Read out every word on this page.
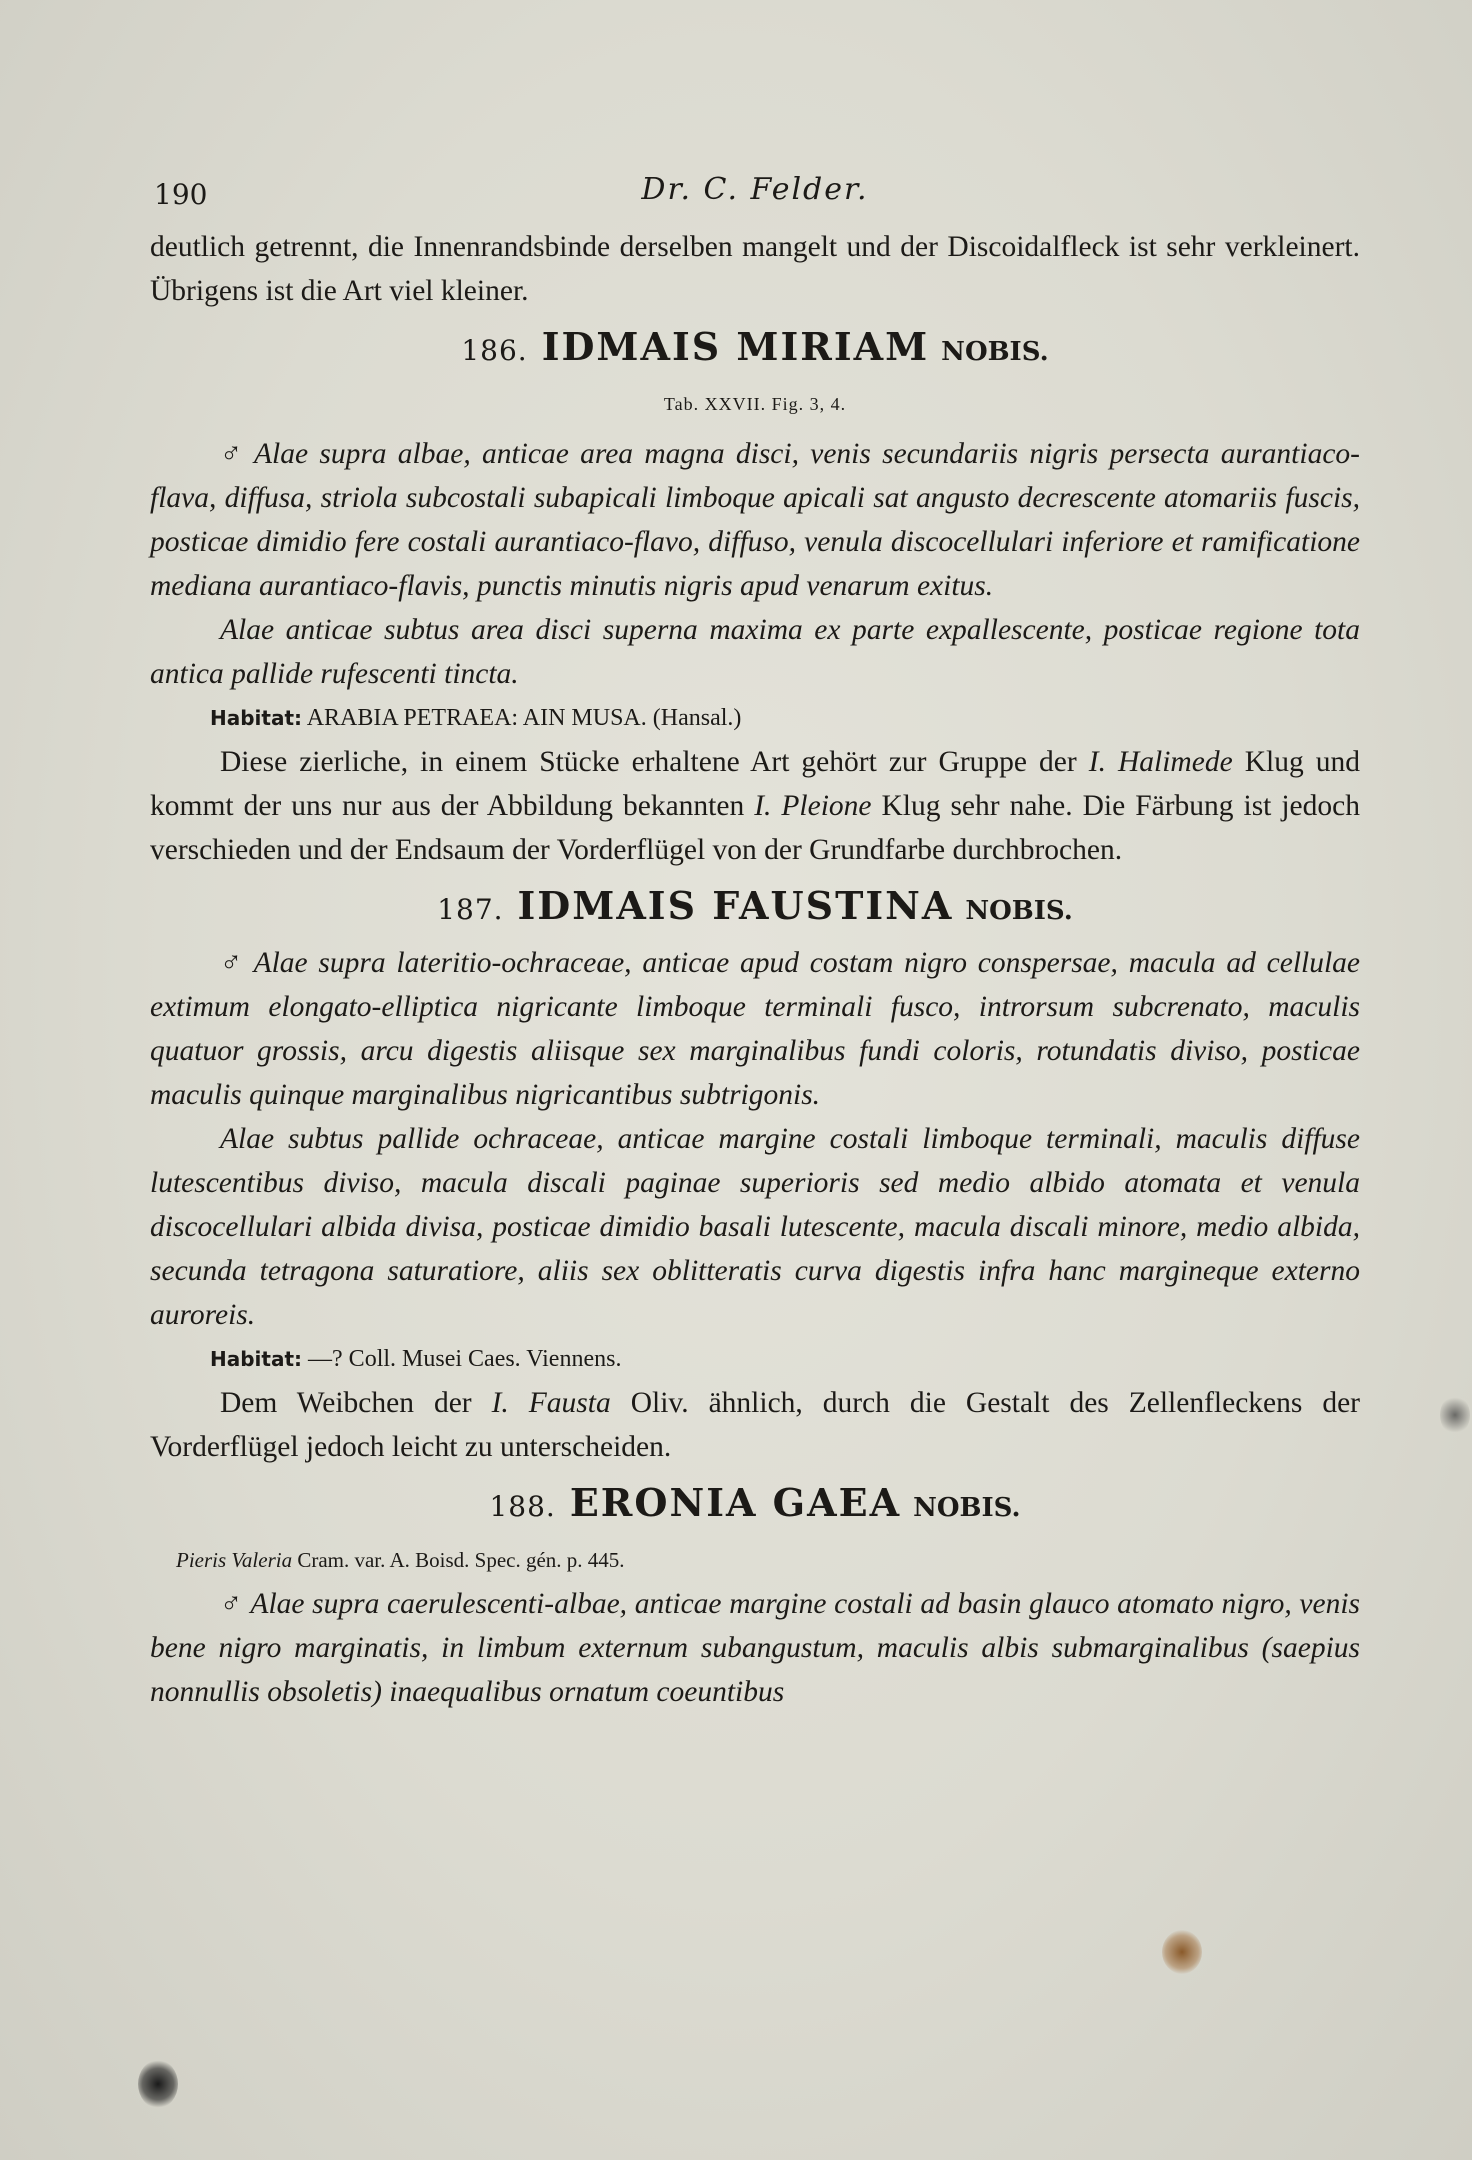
190	Dr. C. Felder.

deutlich getrennt, die Innenrandsbinde derselben mangelt und der Discoidalfleck ist sehr verkleinert. Übrigens ist die Art viel kleiner.

186. IDMAIS MIRIAM NOBIS.
Tab. XXVII. Fig. 3, 4.

♂ Alae supra albae, anticae area magna disci, venis secundariis nigris persecta aurantiaco-flava, diffusa, striola subcostali subapicali limboque apicali sat angusto decrescente atomariis fuscis, posticae dimidio fere costali aurantiaco-flavo, diffuso, venula discocellulari inferiore et ramificatione mediana aurantiaco-flavis, punctis minutis nigris apud venarum exitus.

Alae anticae subtus area disci superna maxima ex parte expallescente, posticae regione tota antica pallide rufescenti tincta.

Habitat: ARABIA PETRAEA: AIN MUSA. (Hansal.)

Diese zierliche, in einem Stücke erhaltene Art gehört zur Gruppe der I. Halimede Klug und kommt der uns nur aus der Abbildung bekannten I. Pleione Klug sehr nahe. Die Färbung ist jedoch verschieden und der Endsaum der Vorderflügel von der Grundfarbe durchbrochen.

187. IDMAIS FAUSTINA NOBIS.

♂ Alae supra lateritio-ochraceae, anticae apud costam nigro conspersae, macula ad cellulae extimum elongato-elliptica nigricante limboque terminali fusco, introrsum subcrenato, maculis quatuor grossis, arcu digestis aliisque sex marginalibus fundi coloris, rotundatis diviso, posticae maculis quinque marginalibus nigricantibus subtrigonis.

Alae subtus pallide ochraceae, anticae margine costali limboque terminali, maculis diffuse lutescentibus diviso, macula discali paginae superioris sed medio albido atomata et venula discocellulari albida divisa, posticae dimidio basali lutescente, macula discali minore, medio albida, secunda tetragona saturatiore, aliis sex oblitteratis curva digestis infra hanc margineque externo auroreis.

Habitat: —? Coll. Musei Caes. Viennens.

Dem Weibchen der I. Fausta Oliv. ähnlich, durch die Gestalt des Zellenfleckens der Vorderflügel jedoch leicht zu unterscheiden.

188. ERONIA GAEA NOBIS.

Pieris Valeria Cram. var. A. Boisd. Spec. gén. p. 445.

♂ Alae supra caerulescenti-albae, anticae margine costali ad basin glauco atomato nigro, venis bene nigro marginatis, in limbum externum subangustum, maculis albis submarginalibus (saepius nonnullis obsoletis) inaequalibus ornatum coeuntibus
